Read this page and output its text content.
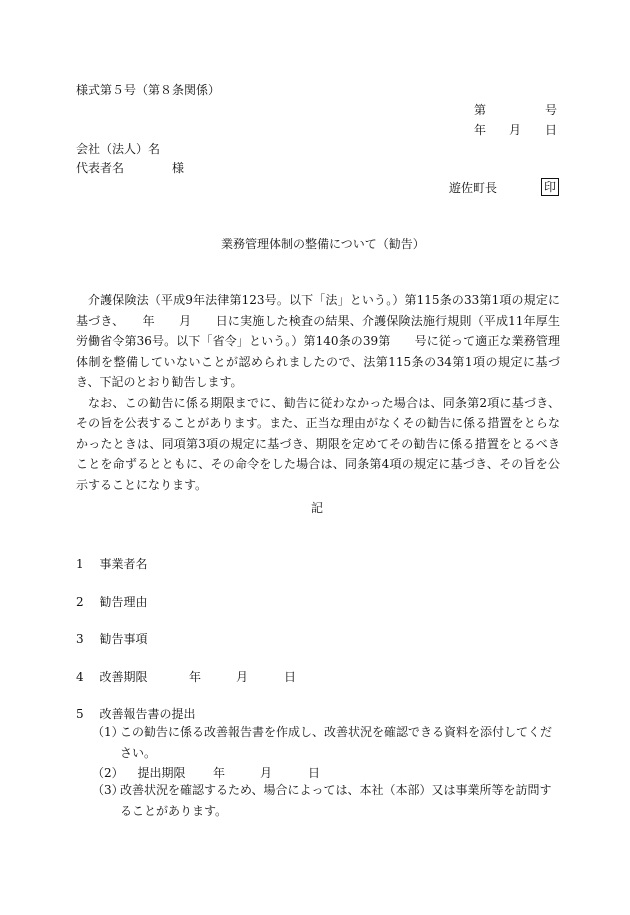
様式第５号（第８条関係）
第	号
年 月 日
会社（法人）名
代表者名	様
遊佐町長	印
業務管理体制の整備について（勧告）

介護保険法（平成9年法律第123号。以下「法」という。）第115条の33第1項の規定に基づき、　　年　　月　　日に実施した検査の結果、介護保険法施行規則（平成11年厚生労働省令第36号。以下「省令」という。）第140条の39第　　号に従って適正な業務管理体制を整備していないことが認められましたので、法第115条の34第1項の規定に基づき、下記のとおり勧告します。

なお、この勧告に係る期限までに、勧告に従わなかった場合は、同条第2項に基づき、その旨を公表することがあります。また、正当な理由がなくその勧告に係る措置をとらなかったときは、同項第3項の規定に基づき、期限を定めてその勧告に係る措置をとるべきことを命ずるとともに、その命令をした場合は、同条第4項の規定に基づき、その旨を公示することになります。

記
1 事業者名
2 勧告理由
3 勧告事項
4 改善期限	年	月	日
5 改善報告書の提出
（1）
この勧告に係る改善報告書を作成し、改善状況を確認できる資料を添付してください。
（2） 提出期限 年	月	日
（3）
改善状況を確認するため、場合によっては、本社（本部）又は事業所等を訪問することがあります。
